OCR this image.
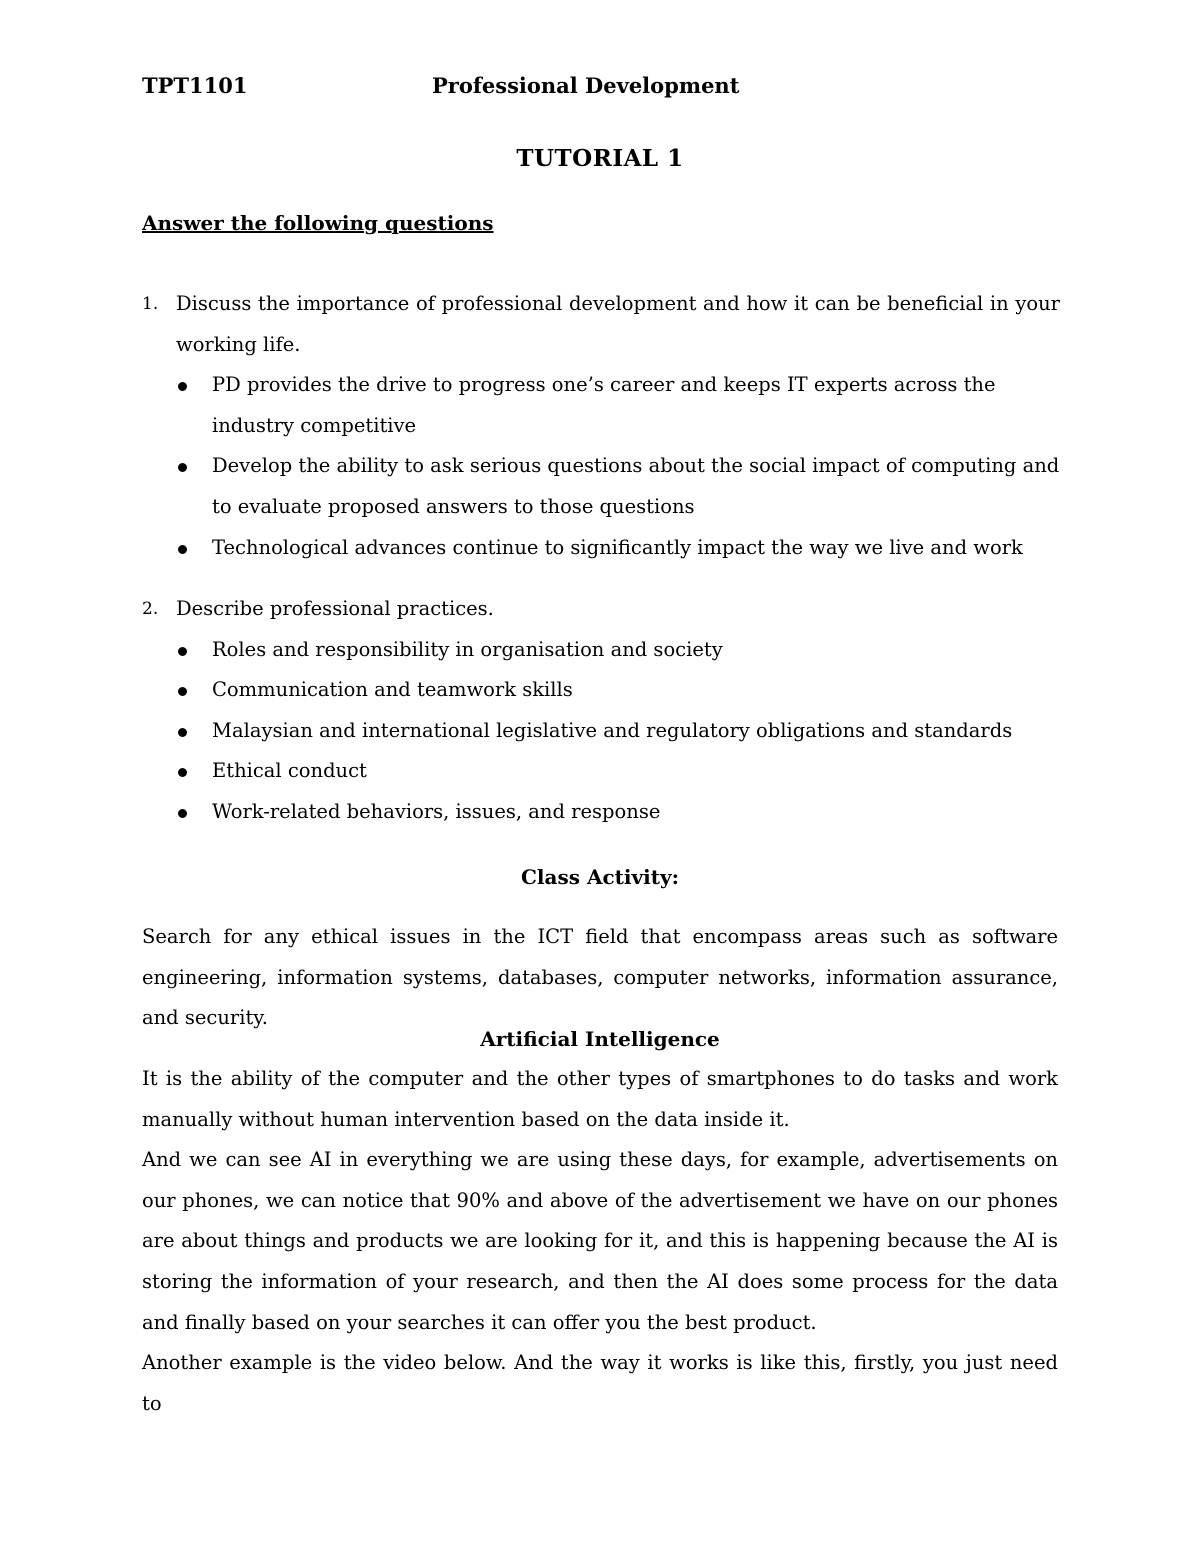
TPT1101	Professional Development
TUTORIAL 1
Answer the following questions
1. Discuss the importance of professional development and how it can be beneficial in your working life.
PD provides the drive to progress one’s career and keeps IT experts across the industry competitive
Develop the ability to ask serious questions about the social impact of computing and to evaluate proposed answers to those questions
Technological advances continue to significantly impact the way we live and work
2. Describe professional practices.
Roles and responsibility in organisation and society
Communication and teamwork skills
Malaysian and international legislative and regulatory obligations and standards
Ethical conduct
Work-related behaviors, issues, and response
Class Activity:

Search for any ethical issues in the ICT field that encompass areas such as software engineering, information systems, databases, computer networks, information assurance, and security.

Artificial Intelligence

It is the ability of the computer and the other types of smartphones to do tasks and work manually without human intervention based on the data inside it.

And we can see AI in everything we are using these days, for example, advertisements on our phones, we can notice that 90% and above of the advertisement we have on our phones are about things and products we are looking for it, and this is happening because the AI is storing the information of your research, and then the AI does some process for the data and finally based on your searches it can offer you the best product.

Another example is the video below. And the way it works is like this, firstly, you just need to
